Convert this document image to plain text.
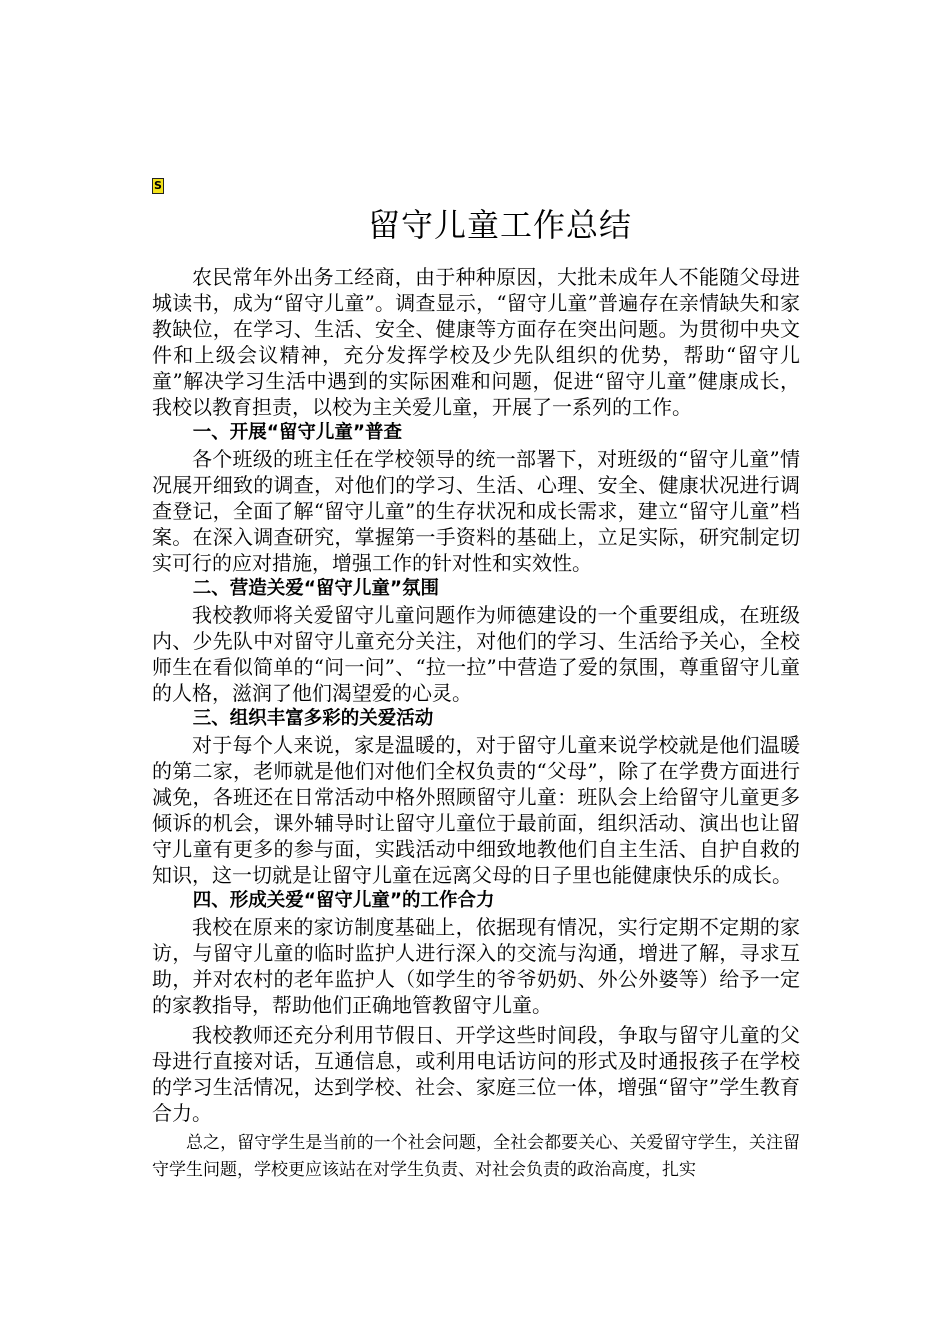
S
留守儿童工作总结

农民常年外出务工经商，由于种种原因，大批未成年人不能随父母进城读书，成为“留守儿童”。调查显示，“留守儿童”普遍存在亲情缺失和家教缺位，在学习、生活、安全、健康等方面存在突出问题。为贯彻中央文件和上级会议精神，充分发挥学校及少先队组织的优势，帮助“留守儿童”解决学习生活中遇到的实际困难和问题，促进“留守儿童”健康成长，我校以教育担责，以校为主关爱儿童，开展了一系列的工作。

一、开展“留守儿童”普查

各个班级的班主任在学校领导的统一部署下，对班级的“留守儿童”情况展开细致的调查，对他们的学习、生活、心理、安全、健康状况进行调查登记，全面了解“留守儿童”的生存状况和成长需求，建立“留守儿童”档案。在深入调查研究，掌握第一手资料的基础上，立足实际，研究制定切实可行的应对措施，增强工作的针对性和实效性。

二、营造关爱“留守儿童”氛围

我校教师将关爱留守儿童问题作为师德建设的一个重要组成，在班级内、少先队中对留守儿童充分关注，对他们的学习、生活给予关心，全校师生在看似简单的“问一问”、“拉一拉”中营造了爱的氛围，尊重留守儿童的人格，滋润了他们渴望爱的心灵。

三、组织丰富多彩的关爱活动

对于每个人来说，家是温暖的，对于留守儿童来说学校就是他们温暖的第二家，老师就是他们对他们全权负责的“父母”，除了在学费方面进行减免，各班还在日常活动中格外照顾留守儿童：班队会上给留守儿童更多倾诉的机会，课外辅导时让留守儿童位于最前面，组织活动、演出也让留守儿童有更多的参与面，实践活动中细致地教他们自主生活、自护自救的知识，这一切就是让留守儿童在远离父母的日子里也能健康快乐的成长。

四、形成关爱“留守儿童”的工作合力

我校在原来的家访制度基础上，依据现有情况，实行定期不定期的家访，与留守儿童的临时监护人进行深入的交流与沟通，增进了解，寻求互助，并对农村的老年监护人（如学生的爷爷奶奶、外公外婆等）给予一定的家教指导，帮助他们正确地管教留守儿童。

我校教师还充分利用节假日、开学这些时间段，争取与留守儿童的父母进行直接对话，互通信息，或利用电话访问的形式及时通报孩子在学校的学习生活情况，达到学校、社会、家庭三位一体，增强“留守”学生教育合力。

总之，留守学生是当前的一个社会问题，全社会都要关心、关爱留守学生，关注留守学生问题，学校更应该站在对学生负责、对社会负责的政治高度，扎实
